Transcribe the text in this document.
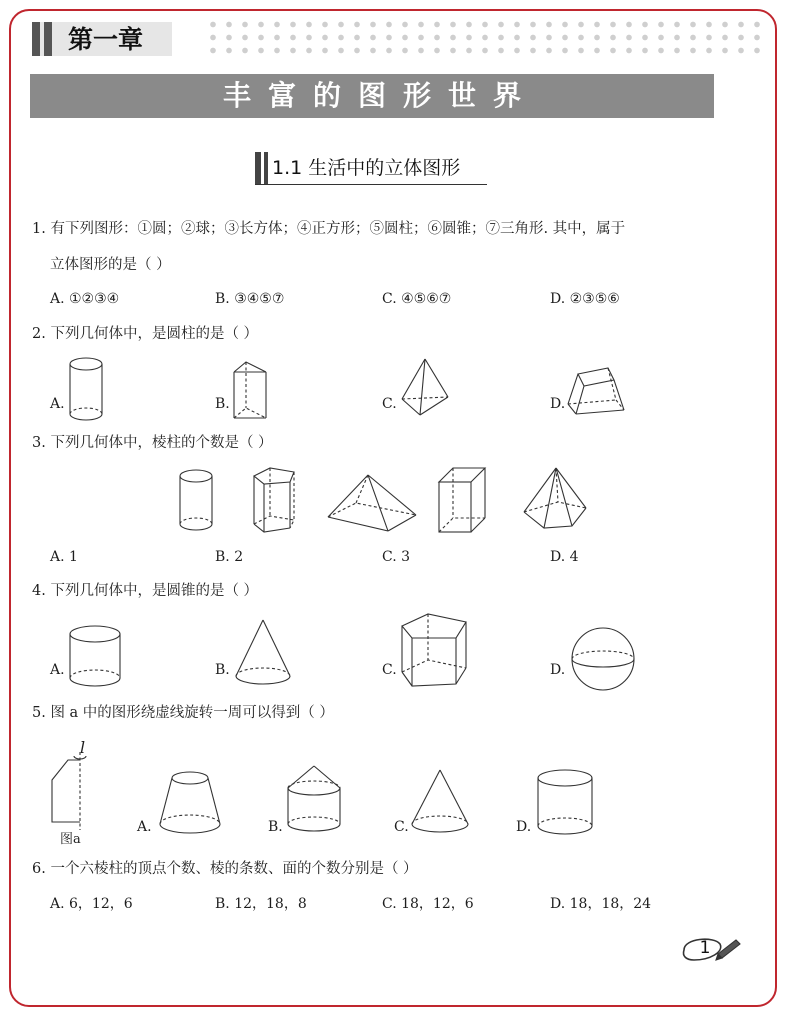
第一章
丰富的图形世界
1.1 生活中的立体图形
1. 有下列图形：①圆；②球；③长方体；④正方形；⑤圆柱；⑥圆锥；⑦三角形. 其中，属于
立体图形的是（ ）
A. ①②③④	B. ③④⑤⑦	C. ④⑤⑥⑦	D. ②③⑤⑥
2. 下列几何体中，是圆柱的是（ ）
A.	B.	C.	D.
3. 下列几何体中，棱柱的个数是（ ）
A. 1	B. 2	C. 3	D. 4
4. 下列几何体中，是圆锥的是（ ）
A.	B.	C.	D.
5. 图 a 中的图形绕虚线旋转一周可以得到（ ）
l
图a
A.	B.	C.	D.
6. 一个六棱柱的顶点个数、棱的条数、面的个数分别是（ ）
A. 6，12，6	B. 12，18，8	C. 18，12，6	D. 18，18，24
1
